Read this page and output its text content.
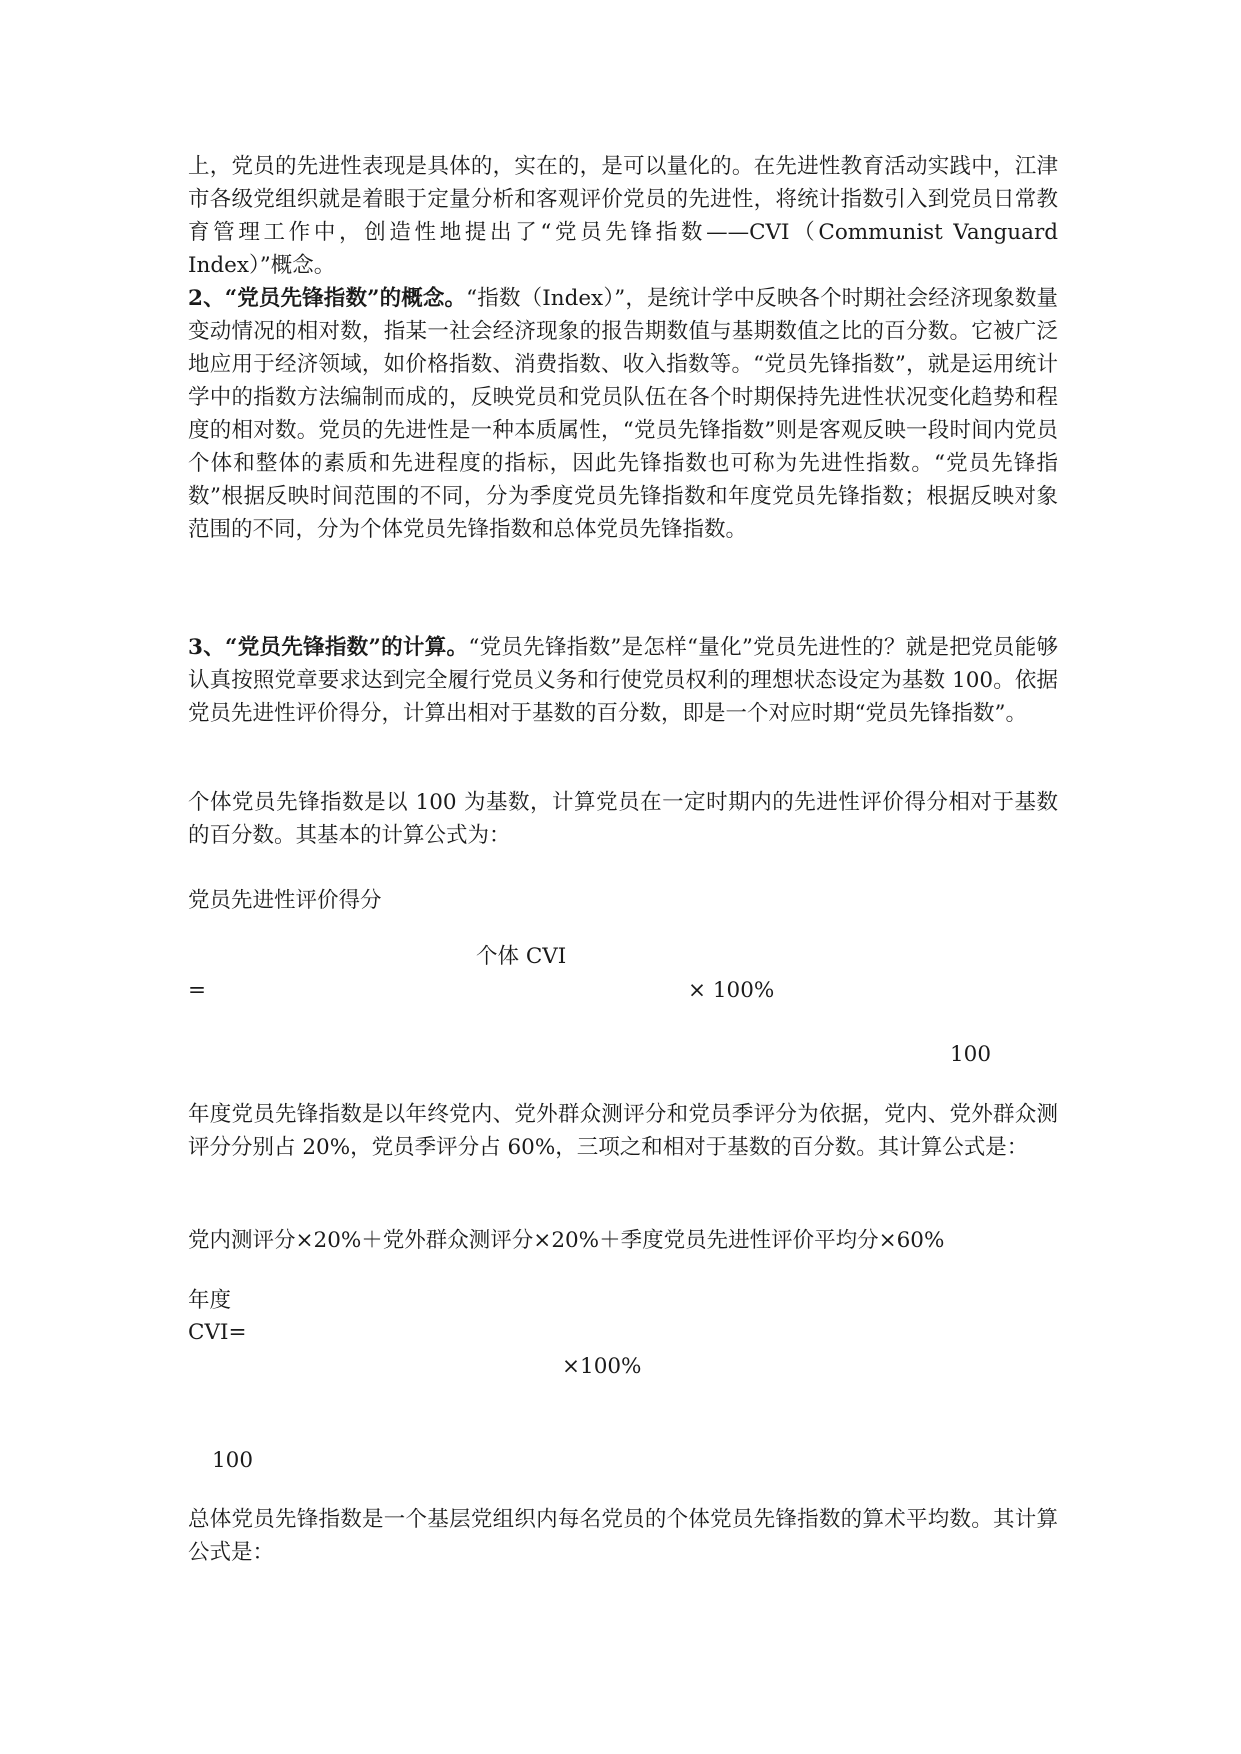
上，党员的先进性表现是具体的，实在的，是可以量化的。在先进性教育活动实践中，江津市各级党组织就是着眼于定量分析和客观评价党员的先进性，将统计指数引入到党员日常教育管理工作中，创造性地提出了“党员先锋指数——CVI（Communist Vanguard Index）”概念。

2、“党员先锋指数”的概念。“指数（Index）”，是统计学中反映各个时期社会经济现象数量变动情况的相对数，指某一社会经济现象的报告期数值与基期数值之比的百分数。它被广泛地应用于经济领域，如价格指数、消费指数、收入指数等。“党员先锋指数”，就是运用统计学中的指数方法编制而成的，反映党员和党员队伍在各个时期保持先进性状况变化趋势和程度的相对数。党员的先进性是一种本质属性，“党员先锋指数”则是客观反映一段时间内党员个体和整体的素质和先进程度的指标，因此先锋指数也可称为先进性指数。“党员先锋指数”根据反映时间范围的不同，分为季度党员先锋指数和年度党员先锋指数；根据反映对象范围的不同，分为个体党员先锋指数和总体党员先锋指数。

3、“党员先锋指数”的计算。“党员先锋指数”是怎样“量化”党员先进性的？就是把党员能够认真按照党章要求达到完全履行党员义务和行使党员权利的理想状态设定为基数 100。依据党员先进性评价得分，计算出相对于基数的百分数，即是一个对应时期“党员先锋指数”。

个体党员先锋指数是以 100 为基数，计算党员在一定时期内的先进性评价得分相对于基数的百分数。其基本的计算公式为：

党员先进性评价得分
个体 CVI
=	× 100%
100

年度党员先锋指数是以年终党内、党外群众测评分和党员季评分为依据，党内、党外群众测评分分别占 20%，党员季评分占 60%，三项之和相对于基数的百分数。其计算公式是：

党内测评分×20%＋党外群众测评分×20%＋季度党员先进性评价平均分×60%
年度
CVI=
×100%
100

总体党员先锋指数是一个基层党组织内每名党员的个体党员先锋指数的算术平均数。其计算公式是：
